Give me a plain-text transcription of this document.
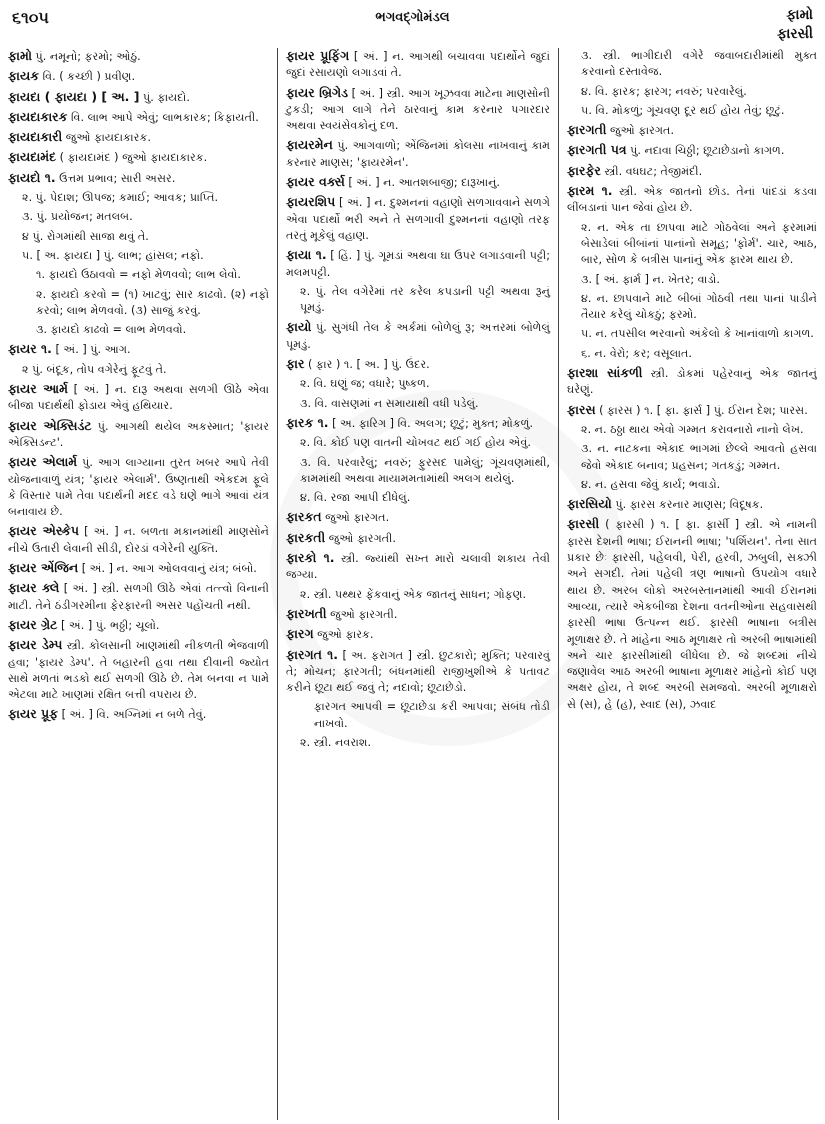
૬૧૦૫	ભગવદ્ગોમંડલ	ફામો
ફારસી

ફામો પું. નમૂનો; ફરમો; ઓઠું.

ફાયક વિ. ( કચ્છી ) પ્રવીણ.

ફાયદા ( ફાયદા ) [ અ. ] પું. ફાયદો.

ફાયદાકારક વિ. લાભ આપે એવું; લાભકારક; કિફાયતી.

ફાયદાકારી જુઓ ફાયદાકારક.

ફાયદામંદ ( ફાયદામંદ ) જુઓ ફાયદાકારક.

ફાયદો ૧. ઉત્તમ પ્રભાવ; સારી અસર.

૨. પું. પેદાશ; ઊપજ; કમાઈ; આવક; પ્રાપ્તિ.

૩. પું. પ્રયોજન; મતલબ.

૪ પું. રોગમાંથી સાજા થવું તે.

૫. [ અ. ફાયદા ] પું. લાભ; હાંસલ; નફો.

૧. ફાયદો ઉઠાવવો = નફો મેળવવો; લાભ લેવો.

૨. ફાયદો કરવો = (૧) ખાટવું; સાર કાઢવો. (૨) નફો કરવો; લાભ મેળવવો. (૩) સાજું કરવું.

૩. ફાયદો કાઢવો = લાભ મેળવવો.

ફાયર ૧. [ અં. ] પું. આગ.

૨ પું. બંદૂક, તોપ વગેરેનું ફૂટવું તે.

ફાયર આર્મ [ અં. ] ન. દારૂ અથવા સળગી ઊઠે એવા બીજા પદાર્થથી ફોડાય એવું હથિયાર.

ફાયર એક્સિડંટ પું. આગથી થયેલ અકસ્માત; 'ફાયર એક્સિડન્ટ'.

ફાયર એલાર્મ પું. આગ લાગ્યાના તુરત ખબર આપે તેવી યોજનાવાળું યંત્ર; 'ફાયર એલાર્મ'. ઉષ્ણતાથી એકદમ ફૂલે કે વિસ્તાર પામે તેવા પદાર્થની મદદ વડે ઘણે ભાગે આવાં યંત્ર બનાવાય છે.

ફાયર એસ્કેપ [ અં. ] ન. બળતા મકાનમાંથી માણસોને નીચે ઉતારી લેવાની સીડી, દોરડાં વગેરેની યુક્તિ.

ફાયર એંજિન [ અં. ] ન. આગ ઓલવવાનું યંત્ર; બંબો.

ફાયર ક્લે [ અં. ] સ્ત્રી. સળગી ઊઠે એવાં તત્ત્વો વિનાની માટી. તેને ઠંડીગરમીના ફેરફારની અસર પહોંચતી નથી.

ફાયર ગ્રેટ [ અં. ] પું. ભઠ્ઠી; ચૂલો.

ફાયર ડેમ્પ સ્ત્રી. કોલસાની ખાણમાંથી નીકળતી ભેજવાળી હવા; 'ફાયર ડેમ્પ'. તે બહારની હવા તથા દીવાની જ્યોત સાથે મળતાં ભડકો થઈ સળગી ઊઠે છે. તેમ બનવા ન પામે એટલા માટે ખાણમાં રક્ષિત બત્તી વપરાય છે.

ફાયર પ્રૂફ [ અં. ] વિ. અગ્નિમાં ન બળે તેવું.

ફાયર પ્રૂફિંગ [ અં. ] ન. આગથી બચાવવા પદાર્થોને જુદાં જુદાં રસાયણો લગાડવાં તે.

ફાયર બ્રિગેડ [ અં. ] સ્ત્રી. આગ ખૂઝવવા માટેના માણસોની ટુકડી; આગ લાગે તેને ઠારવાનું કામ કરનાર પગારદાર અથવા સ્વયંસેવકોનું દળ.

ફાયરમેન પું. આગવાળો; એંજિનમાં કોલસા નાખવાનું કામ કરનાર માણસ; 'ફાયરમેન'.

ફાયર વર્ક્સ [ અં. ] ન. આતશબાજી; દારૂખાનું.

ફાયરશિપ [ અં. ] ન. દુશ્મનનાં વહાણો સળગાવવાને સળગે એવા પદાર્થો ભરી અને તે સળગાવી દુશ્મનનાં વહાણો તરફ તરતું મૂકેલું વહાણ.

ફાયા ૧. [ હિં. ] પું. ગૂમડાં અથવા ઘા ઉપર લગાડવાની પટ્ટી; મલમપટ્ટી.

૨. પું. તેલ વગેરેમાં તર કરેલ કપડાની પટ્ટી અથવા રૂનું પૂમડું.

ફાયો પું. સુગંધી તેલ કે અર્કમાં બોળેલું રૂ; અત્તરમાં બોળેલું પૂમડું.

ફાર ( ફાર ) ૧. [ અ. ] પું. ઉંદર.

૨. વિ. ઘણું જ; વધારે; પુષ્કળ.

૩. વિ. વાસણમાં ન સમાયાથી વધી પડેલું.

ફારક ૧. [ અ. ફારિગ ] વિ. અલગ; છૂટું; મુક્ત; મોકળું.

૨. વિ. કોઈ પણ વાતની ચોખવટ થઈ ગઈ હોય એવું.

૩. વિ. પરવારેલું; નવરું; ફુરસદ પામેલું; ગૂંચવણમાંથી, કામમાંથી અથવા માયામમતામાંથી અલગ થયેલું.

૪. વિ. રજા આપી દીધેલું.

ફારકત જુઓ ફારગત.

ફારકતી જુઓ ફારગતી.

ફારકો ૧. સ્ત્રી. જ્યાંથી સખ્ત મારો ચલાવી શકાય તેવી જગ્યા.

૨. સ્ત્રી. પથ્થર ફેંકવાનું એક જાતનું સાધન; ગોફણ.

ફારખતી જુઓ ફારગતી.

ફારગ જુઓ ફારક.

ફારગત ૧. [ અ. ફરાગત ] સ્ત્રી. છુટકારો; મુક્તિ; પરવારવું તે; મોચન; ફારગતી; બંધનમાંથી રાજીખુશીએ કે પતાવટ કરીને છૂટા થઈ જવું તે; નદાવો; છૂટાછેડો.

ફારગત આપવી = છૂટાછેડા કરી આપવા; સંબંધ તોડી નાખવો.

૨. સ્ત્રી. નવરાશ.

૩. સ્ત્રી. ભાગીદારી વગેરે જવાબદારીમાંથી મુક્ત કરવાનો દસ્તાવેજ.

૪. વિ. ફારક; ફારગ; નવરું; પરવારેલું.

૫. વિ. મોકળું; ગૂંચવણ દૂર થઈ હોય તેવું; છૂટું.

ફારગતી જુઓ ફારગત.

ફારગતી પત્ર પું. નદાવા ચિઠ્ઠી; છૂટાછેડાનો કાગળ.

ફારફેર સ્ત્રી. વધઘટ; તેજીમંદી.

ફારમ ૧. સ્ત્રી. એક જાતનો છોડ. તેનાં પાંદડાં કડવા લીંબડાનાં પાન જેવાં હોય છે.

૨. ન. એક તા છાપવા માટે ગોઠવેલાં અને ફરમામાં બેસાડેલાં બીબાંનાં પાનાંનો સમૂહ; 'ફોર્મ'. ચાર, આઠ, બાર, સોળ કે બત્રીસ પાનાંનું એક ફારમ થાય છે.

૩. [ અં. ફાર્મ ] ન. ખેતર; વાડો.

૪. ન. છાપવાને માટે બીબાં ગોઠવી તથા પાનાં પાડીને તૈયાર કરેલું ચોકઠું; ફરમો.

૫. ન. તપસીલ ભરવાનો અંકેલો કે ખાનાંવાળો કાગળ.

૬. ન. વેરો; કર; વસૂલાત.

ફારશા સાંકળી સ્ત્રી. ડોકમાં પહેરવાનું એક જાતનું ઘરેણું.

ફારસ ( ફારસ ) ૧. [ ફા. ફાર્સ ] પું. ઈરાન દેશ; પારસ.

૨. ન. ઠઠ્ઠા થાય એવો ગમ્મત કરાવનારો નાનો લેખ.

૩. ન. નાટકના એકાદ ભાગમાં છેલ્લે આવતો હસવા જેવો એકાદ બનાવ; પ્રહસન; ગતકડું; ગમ્મત.

૪. ન. હસવા જેવું કાર્ય; ભવાડો.

ફારસિયો પું. ફારસ કરનાર માણસ; વિદૂષક.

ફારસી ( ફારસી ) ૧. [ ફા. ફાર્સી ] સ્ત્રી. એ નામની ફારસ દેશની ભાષા; ઈરાનની ભાષા; 'પર્શિયન'. તેના સાત પ્રકાર છેઃ ફારસી, પહેલવી, પેરી, હરવી, ઝબુલી, સક્ઝી અને સગદી. તેમાં પહેલી ત્રણ ભાષાનો ઉપયોગ વધારે થાય છે. અરબ લોકો અરબસ્તાનમાંથી આવી ઈરાનમાં આવ્યા, ત્યારે એકબીજા દેશના વતનીઓના સહવાસથી ફારસી ભાષા ઉત્પન્ન થઈ. ફારસી ભાષાના બત્રીસ મૂળાક્ષર છે. તે માંહેના આઠ મૂળાક્ષર તો અરબી ભાષામાંથી અને ચાર ફારસીમાંથી લીધેલા છે. જે શબ્દમાં નીચે જણાવેલ આઠ અરબી ભાષાના મૂળાક્ષર માંહેનો કોઈ પણ અક્ષર હોય, તે શબ્દ અરબી સમજવો. અરબી મૂળાક્ષરો સે (સ), હે (હ), સ્વાદ (સ), ઝવાદ
